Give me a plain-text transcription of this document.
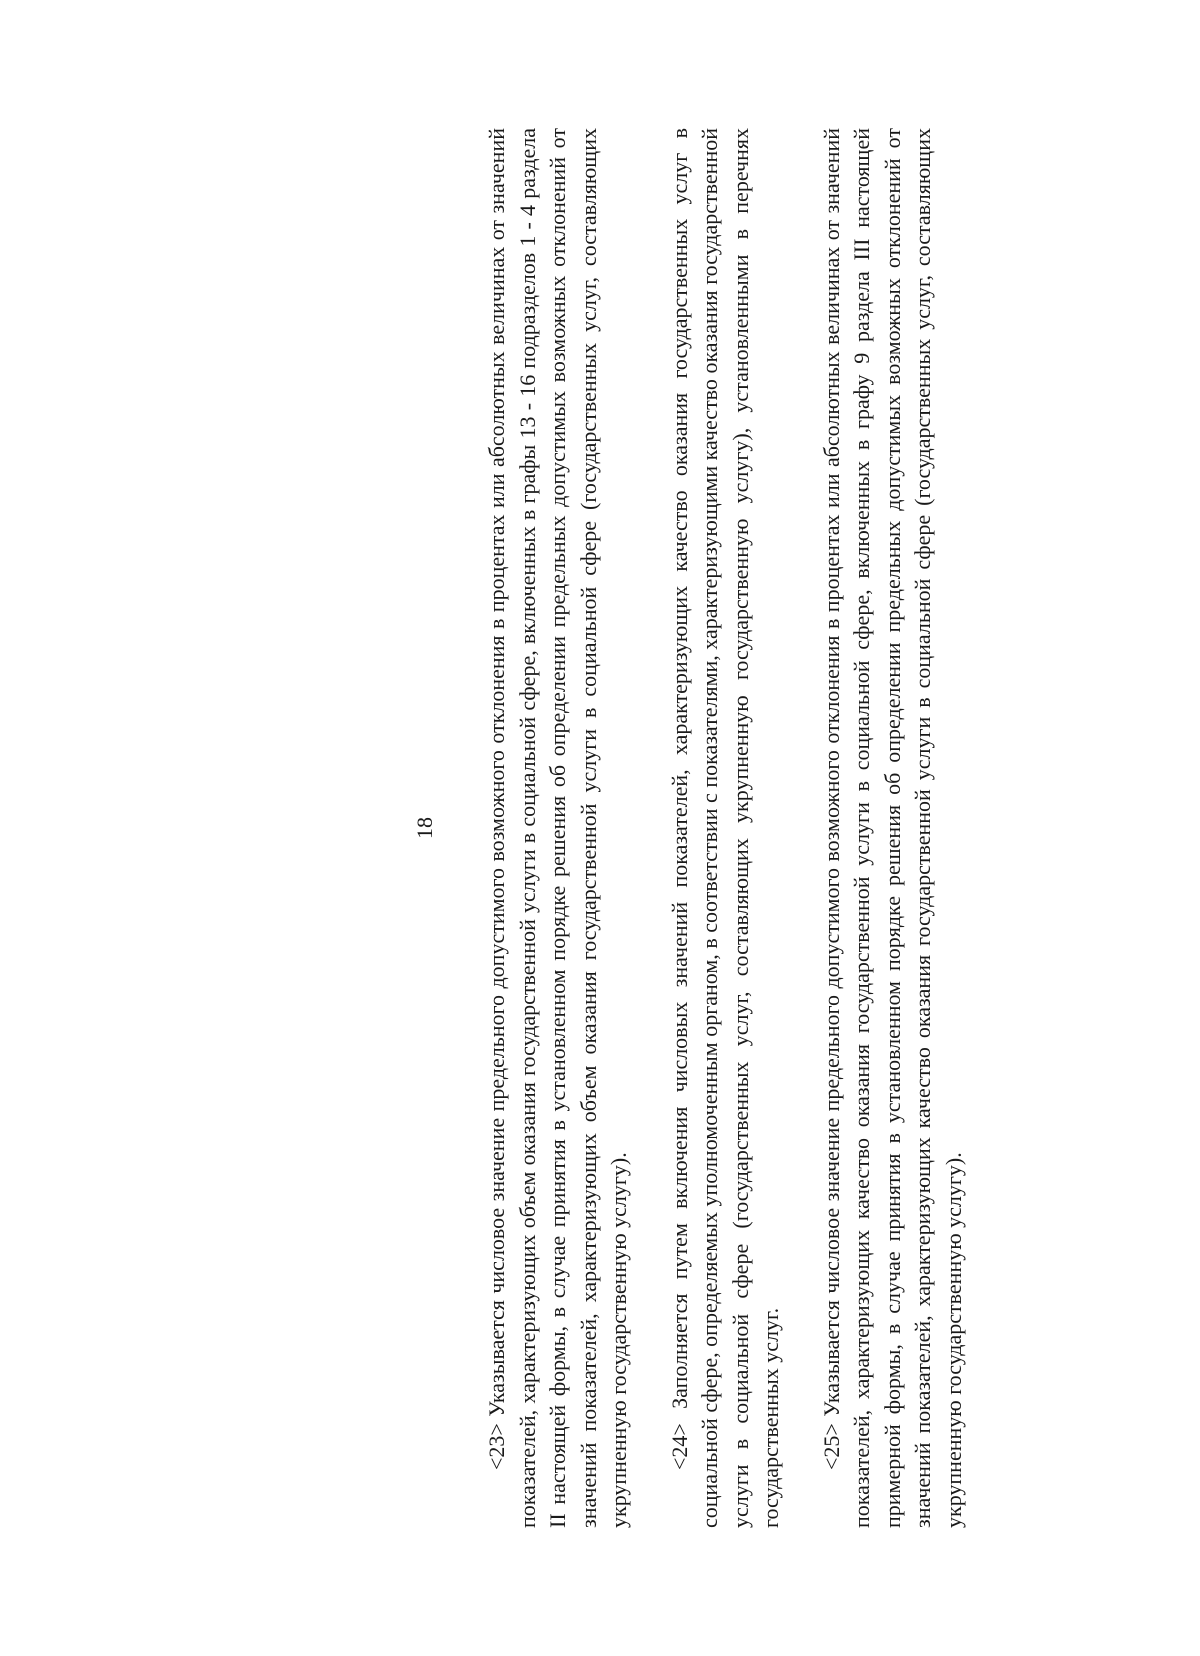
18 <23> Указывается числовое значение предельного допустимого возможного отклонения в процентах или абсолютных величинах от значений показателей, характеризующих объем оказания государственной услуги в социальной сфере, включенных в графы 13 - 16 подразделов 1 - 4 раздела II настоящей формы, в случае принятия в установленном порядке решения об определении предельных допустимых возможных отклонений от значений показателей, характеризующих объем оказания государственной услуги в социальной сфере (государственных услуг, составляющих укрупненную государственную услугу). <24> Заполняется путем включения числовых значений показателей, характеризующих качество оказания государственных услуг в социальной сфере, определяемых уполномоченным органом, в соответствии с показателями, характеризующими качество оказания государственной услуги в социальной сфере (государственных услуг, составляющих укрупненную государственную услугу), установленными в перечнях государственных услуг. <25> Указывается числовое значение предельного допустимого возможного отклонения в процентах или абсолютных величинах от значений показателей, характеризующих качество оказания государственной услуги в социальной сфере, включенных в графу 9 раздела III настоящей примерной формы, в случае принятия в установленном порядке решения об определении предельных допустимых возможных отклонений от значений показателей, характеризующих качество оказания государственной услуги в социальной сфере (государственных услуг, составляющих укрупненную государственную услугу).
